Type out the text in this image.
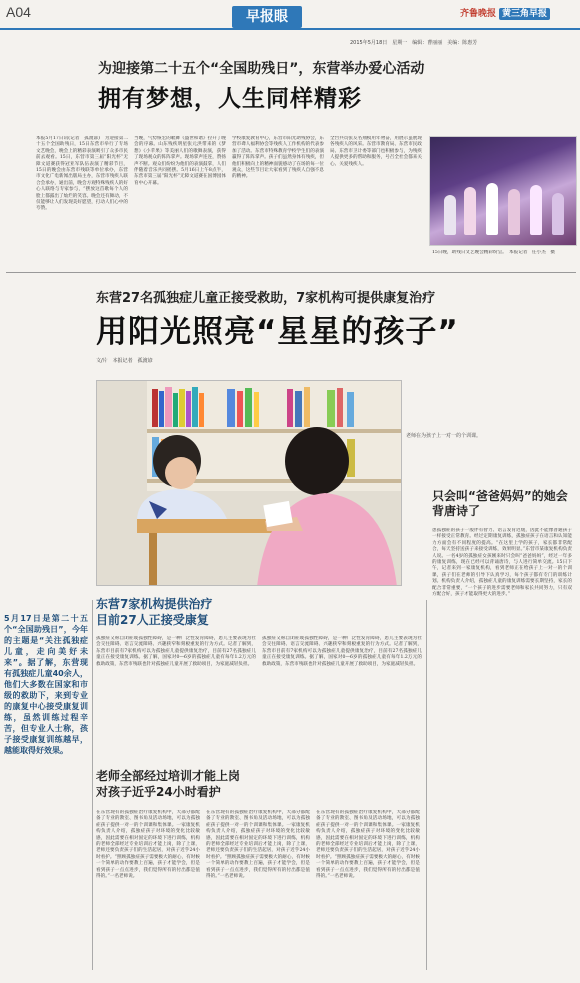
A04	早报眼	齐鲁晚报 黄三角早报
2015年5月18日　星期一　编辑：曹丽丽　美编：陈惠芳
为迎接第二十五个“全国助残日”，东营举办爱心活动
拥有梦想，人生同样精彩
本报5月17日讯(记者　孤渡谚)　为迎接第二十五个全国助残日，15日东营市举行了专场文艺晚会，晚会上的精彩表演吸引了众多市民前去观看。15日，东营市第三届“阳光杯”无障文道赛获得冠亚军队伍表演了精彩节目，15日的晚会由东营市残联等单位承办，东营市文化广电新闻出版局主办，东营市残疾人联合会承办，通出前，晚会方观特殊残疾人的好心人联络与专家参与，“摆放这首歌每个人的脸上都露出了灿烂的笑容。晚会还有舞动，不仅能够让人们发现美好愿望，打动人们心中的夸赞。
当晚，气势恢宏的歌舞《盛世和谐》拉开了晚会的序幕。山东残疾明星张元洪带来的《梦想》《小苹果》等美丽人们的歌舞表演，获得了现场观众的阵阵掌声。现场掌声连连，赞扬声不断。观众们纷纷为他们的表演鼓掌，人们伴随着音乐共同摇摆。5月16日上午8点半，东营市第三届“阳光杯”无障文道赛在国博园体育中心开幕。
学校康复教育中心，东营市阳光助残协会，东营市聋人福利协会等残疾人工作机构的代表参加了活动。东营市特殊教育学校学生们的表演赢得了阵阵掌声。孩子们虽然身体有残疾，但他们积极向上的精神面貌感动了在场的每一位观众，这些节目让大家看到了残疾人自强不息的精神。
全台共员张友名翔模用年殆奋，用展示虽展现各残疾人的风采。东营市教育局、东营市民政局、东营市卫计委等部门也积极参与，为残疾人提供更多的帮助和服务，号召全社会都来关心、关爱残疾人。
15日晚，助残日文艺晚会精彩纷呈。　本报记者　任小杰　摄
东营27名孤独症儿童正接受救助，7家机构可提供康复治疗
用阳光照亮“星星的孩子”
文/片　本报记者　孤渡谚
老师在为孩子上一对一的个训课。
只会叫“爸爸妈妈”的她会背唐诗了
患孤独症的孩子一般伴有智力、语言发育迟缓，因此不能像普通孩子一样接受正常教育。经过定期康复训练，孤独症孩子在语言和认知能力方面会有不同程度的提高。“在这里上学的孩子，家长都非常配合，每天坚持送孩子来接受训练，效果明显。”东营市某康复机构负责人说。一名4岁的孤独症女孩刚来时只会叫“爸爸妈妈”，经过一年多的康复训练，现在已经可以背诵唐诗，与人进行简单交流。15日下午，记者来到一家康复机构，看到老师正在给孩子上一对一的个训课，孩子们在老师的引导下认真学习，每个孩子都有专门的训练计划。机构负责人介绍，孤独症儿童的康复训练需要长期坚持，家长的配合非常重要，“一个孩子的进步需要老师和家长共同努力，只有双方配合好，孩子才能取得更大的进步。”
5月17日是第二十五个“全国助残日”，今年的主题是“关注孤独症儿童，走向美好未来”。据了解，东营现有孤独症儿童40余人，他们大多数在国家和市级的救助下，来到专业的康复中心接受康复训练，虽然训练过程辛苦，但专业人士称，孩子接受康复训练越早，越能取得好效果。
东营7家机构提供治疗
目前27人正接受康复
孤独症又称自闭症或孤独性障碍，是一种广泛性发育障碍，患儿主要表现为社会交往障碍、语言交流障碍、兴趣狭窄和刻板重复的行为方式。记者了解到，东营市目前有7家机构可以为孤独症儿童提供康复治疗，目前有27名孤独症儿童正在接受康复训练。据了解，国家对0—6岁的孤独症儿童有每年1.2万元的救助政策，东营市残联也针对孤独症儿童开展了救助项目，为家庭减轻负担。
孤独症又称自闭症或孤独性障碍，是一种广泛性发育障碍，患儿主要表现为社会交往障碍、语言交流障碍、兴趣狭窄和刻板重复的行为方式。记者了解到，东营市目前有7家机构可以为孤独症儿童提供康复治疗，目前有27名孤独症儿童正在接受康复训练。据了解，国家对0—6岁的孤独症儿童有每年1.2万元的救助政策，东营市残联也针对孤独症儿童开展了救助项目，为家庭减轻负担。
老师全部经过培训才能上岗
对孩子近乎24小时看护
在东营现有的孤独症治疗康复机构中，大部分都配备了专业的教室、图书角及活动场地，可以为孤独症孩子提供一对一的个训课和集体课。一家康复机构负责人介绍，孤独症孩子对环境的变化比较敏感，因此需要在相对固定的环境下进行训练，机构的老师全部经过专业培训后才能上岗，除了上课，老师还要负责孩子们的生活起居，对孩子近乎24小时看护。“照顾孤独症孩子需要极大的耐心，有时候一个简单的动作要教上百遍，孩子才能学会，但是看到孩子一点点进步，我们觉得所有的付出都是值得的。”一名老师说。
在东营现有的孤独症治疗康复机构中，大部分都配备了专业的教室、图书角及活动场地，可以为孤独症孩子提供一对一的个训课和集体课。一家康复机构负责人介绍，孤独症孩子对环境的变化比较敏感，因此需要在相对固定的环境下进行训练，机构的老师全部经过专业培训后才能上岗，除了上课，老师还要负责孩子们的生活起居，对孩子近乎24小时看护。“照顾孤独症孩子需要极大的耐心，有时候一个简单的动作要教上百遍，孩子才能学会，但是看到孩子一点点进步，我们觉得所有的付出都是值得的。”一名老师说。
在东营现有的孤独症治疗康复机构中，大部分都配备了专业的教室、图书角及活动场地，可以为孤独症孩子提供一对一的个训课和集体课。一家康复机构负责人介绍，孤独症孩子对环境的变化比较敏感，因此需要在相对固定的环境下进行训练，机构的老师全部经过专业培训后才能上岗，除了上课，老师还要负责孩子们的生活起居，对孩子近乎24小时看护。“照顾孤独症孩子需要极大的耐心，有时候一个简单的动作要教上百遍，孩子才能学会，但是看到孩子一点点进步，我们觉得所有的付出都是值得的。”一名老师说。
